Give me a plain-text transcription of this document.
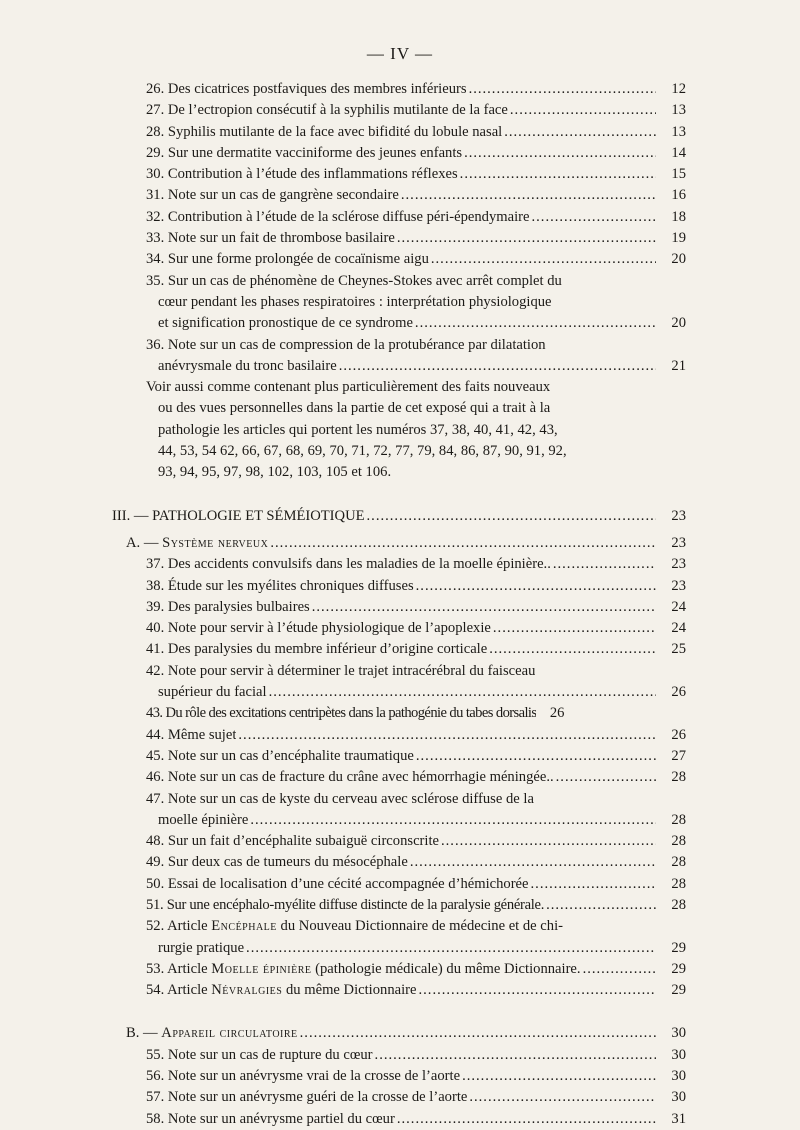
— IV —
26. Des cicatrices postfaviques des membres inférieurs .....	12
27. De l’ectropion consécutif à la syphilis mutilante de la face .....	13
28. Syphilis mutilante de la face avec bifidité du lobule nasal .....	13
29. Sur une dermatite vacciniforme des jeunes enfants .....	14
30. Contribution à l’étude des inflammations réflexes .....	15
31. Note sur un cas de gangrène secondaire .....	16
32. Contribution à l’étude de la sclérose diffuse péri-épendymaire .....	18
33. Note sur un fait de thrombose basilaire .....	19
34. Sur une forme prolongée de cocaïnisme aigu .....	20
35. Sur un cas de phénomène de Cheynes-Stokes avec arrêt complet du
cœur pendant les phases respiratoires : interprétation physiologique
et signification pronostique de ce syndrome .....	20
36. Note sur un cas de compression de la protubérance par dilatation
anévrysmale du tronc basilaire .....	21
Voir aussi comme contenant plus particulièrement des faits nouveaux
ou des vues personnelles dans la partie de cet exposé qui a trait à la
pathologie les articles qui portent les numéros 37, 38, 40, 41, 42, 43,
44, 53, 54 62, 66, 67, 68, 69, 70, 71, 72, 77, 79, 84, 86, 87, 90, 91, 92,
93, 94, 95, 97, 98, 102, 103, 105 et 106.
III. — PATHOLOGIE ET SÉMÉIOTIQUE .....	23
A. — Système nerveux .....	23
37. Des accidents convulsifs dans les maladies de la moelle épinière.. .....	23
38. Étude sur les myélites chroniques diffuses .....	23
39. Des paralysies bulbaires .....	24
40. Note pour servir à l’étude physiologique de l’apoplexie .....	24
41. Des paralysies du membre inférieur d’origine corticale .....	25
42. Note pour servir à déterminer le trajet intracérébral du faisceau
supérieur du facial .....	26
43. Du rôle des excitations centripètes dans la pathogénie du tabes dorsalis 26
44. Même sujet .....	26
45. Note sur un cas d’encéphalite traumatique .....	27
46. Note sur un cas de fracture du crâne avec hémorrhagie méningée.. .....	28
47. Note sur un cas de kyste du cerveau avec sclérose diffuse de la
moelle épinière .....	28
48. Sur un fait d’encéphalite subaiguë circonscrite .....	28
49. Sur deux cas de tumeurs du mésocéphale .....	28
50. Essai de localisation d’une cécité accompagnée d’hémichorée .....	28
51. Sur une encéphalo-myélite diffuse distincte de la paralysie générale. .....	28
52. Article Encéphale du Nouveau Dictionnaire de médecine et de chi-
rurgie pratique .....	29
53. Article Moelle épinière (pathologie médicale) du même Dictionnaire. .....	29
54. Article Névralgies du même Dictionnaire .....	29
B. — Appareil circulatoire .....	30
55. Note sur un cas de rupture du cœur .....	30
56. Note sur un anévrysme vrai de la crosse de l’aorte .....	30
57. Note sur un anévrysme guéri de la crosse de l’aorte .....	30
58. Note sur un anévrysme partiel du cœur .....	31
